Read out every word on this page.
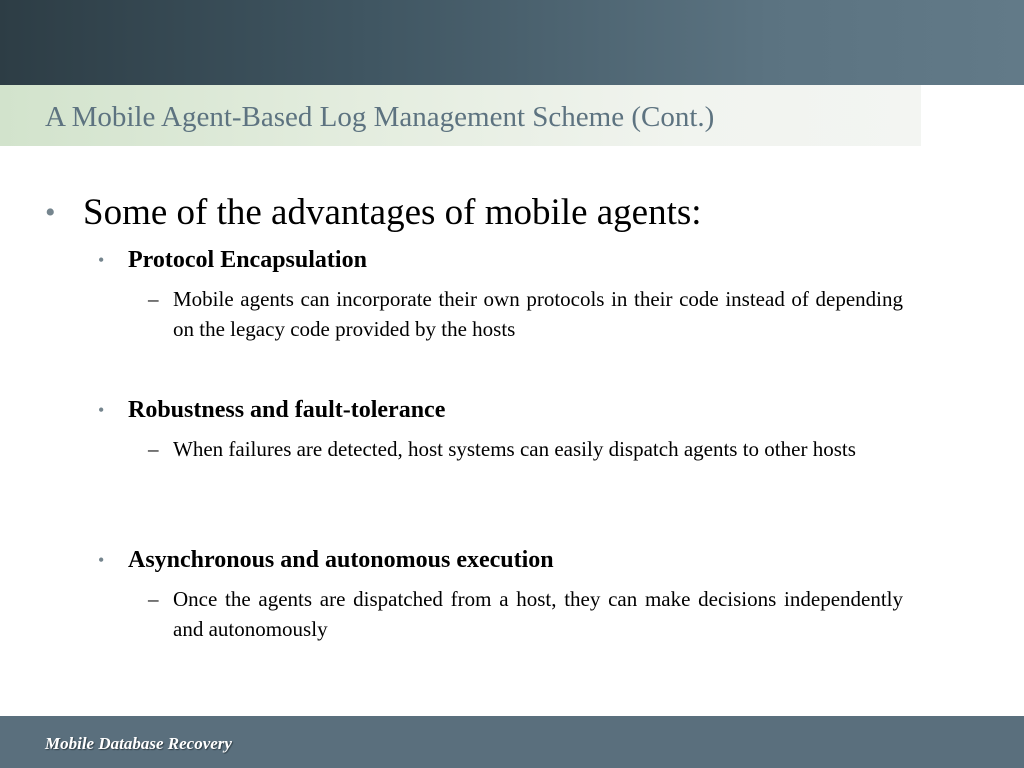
A Mobile Agent-Based Log Management Scheme (Cont.)
• Some of the advantages of mobile agents:
• Protocol Encapsulation
– Mobile agents can incorporate their own protocols in their code instead of depending on the legacy code provided by the hosts

• Robustness and fault-tolerance
– When failures are detected, host systems can easily dispatch agents to other hosts

• Asynchronous and autonomous execution
– Once the agents are dispatched from a host, they can make decisions independently and autonomously

Mobile Database Recovery
